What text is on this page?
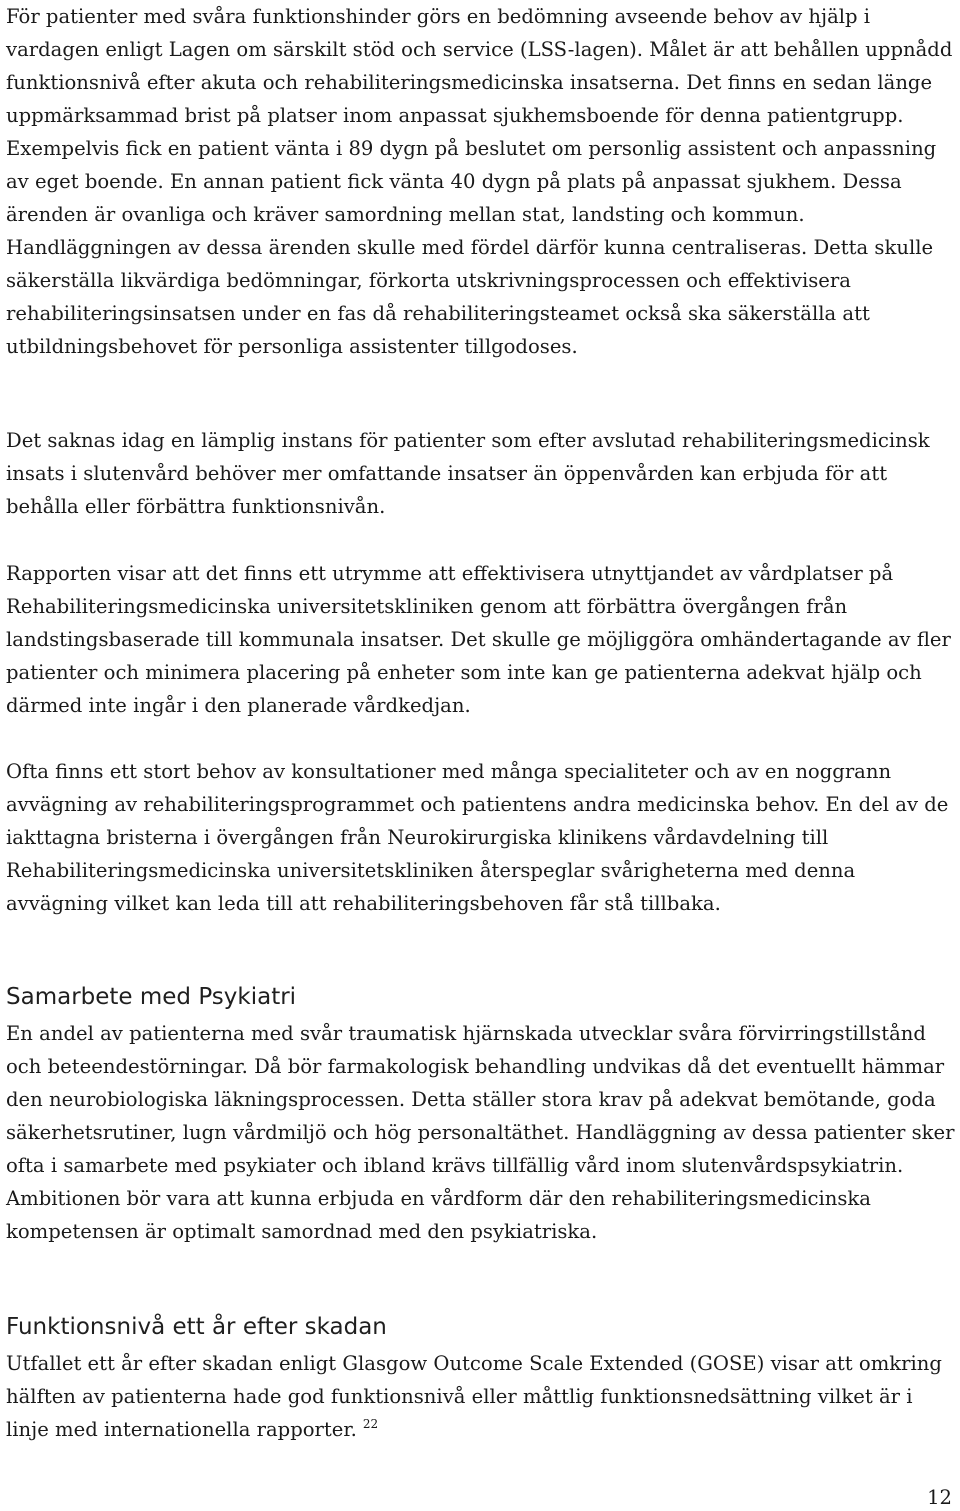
För patienter med svåra funktionshinder görs en bedömning avseende behov av hjälp i vardagen enligt Lagen om särskilt stöd och service (LSS-lagen). Målet är att behållen uppnådd funktionsnivå efter akuta och rehabiliteringsmedicinska insatserna. Det finns en sedan länge uppmärksammad brist på platser inom anpassat sjukhemsboende för denna patientgrupp. Exempelvis fick en patient vänta i 89 dygn på beslutet om personlig assistent och anpassning av eget boende. En annan patient fick vänta 40 dygn på plats på anpassat sjukhem. Dessa ärenden är ovanliga och kräver samordning mellan stat, landsting och kommun. Handläggningen av dessa ärenden skulle med fördel därför kunna centraliseras. Detta skulle säkerställa likvärdiga bedömningar, förkorta utskrivningsprocessen och effektivisera rehabiliteringsinsatsen under en fas då rehabiliteringsteamet också ska säkerställa att utbildningsbehovet för personliga assistenter tillgodoses.

Det saknas idag en lämplig instans för patienter som efter avslutad rehabiliteringsmedicinsk insats i slutenvård behöver mer omfattande insatser än öppenvården kan erbjuda för att behålla eller förbättra funktionsnivån.

Rapporten visar att det finns ett utrymme att effektivisera utnyttjandet av vårdplatser på Rehabiliteringsmedicinska universitetskliniken genom att förbättra övergången från landstingsbaserade till kommunala insatser. Det skulle ge möjliggöra omhändertagande av fler patienter och minimera placering på enheter som inte kan ge patienterna adekvat hjälp och därmed inte ingår i den planerade vårdkedjan.

Ofta finns ett stort behov av konsultationer med många specialiteter och av en noggrann avvägning av rehabiliteringsprogrammet och patientens andra medicinska behov. En del av de iakttagna bristerna i övergången från Neurokirurgiska klinikens vårdavdelning till Rehabiliteringsmedicinska universitetskliniken återspeglar svårigheterna med denna avvägning vilket kan leda till att rehabiliteringsbehoven får stå tillbaka.

Samarbete med Psykiatri

En andel av patienterna med svår traumatisk hjärnskada utvecklar svåra förvirringstillstånd och beteendestörningar. Då bör farmakologisk behandling undvikas då det eventuellt hämmar den neurobiologiska läkningsprocessen. Detta ställer stora krav på adekvat bemötande, goda säkerhetsrutiner, lugn vårdmiljö och hög personaltäthet. Handläggning av dessa patienter sker ofta i samarbete med psykiater och ibland krävs tillfällig vård inom slutenvårdspsykiatrin. Ambitionen bör vara att kunna erbjuda en vårdform där den rehabiliteringsmedicinska kompetensen är optimalt samordnad med den psykiatriska.

Funktionsnivå ett år efter skadan

Utfallet ett år efter skadan enligt Glasgow Outcome Scale Extended (GOSE) visar att omkring hälften av patienterna hade god funktionsnivå eller måttlig funktionsnedsättning vilket är i linje med internationella rapporter. $^{22}$

12
